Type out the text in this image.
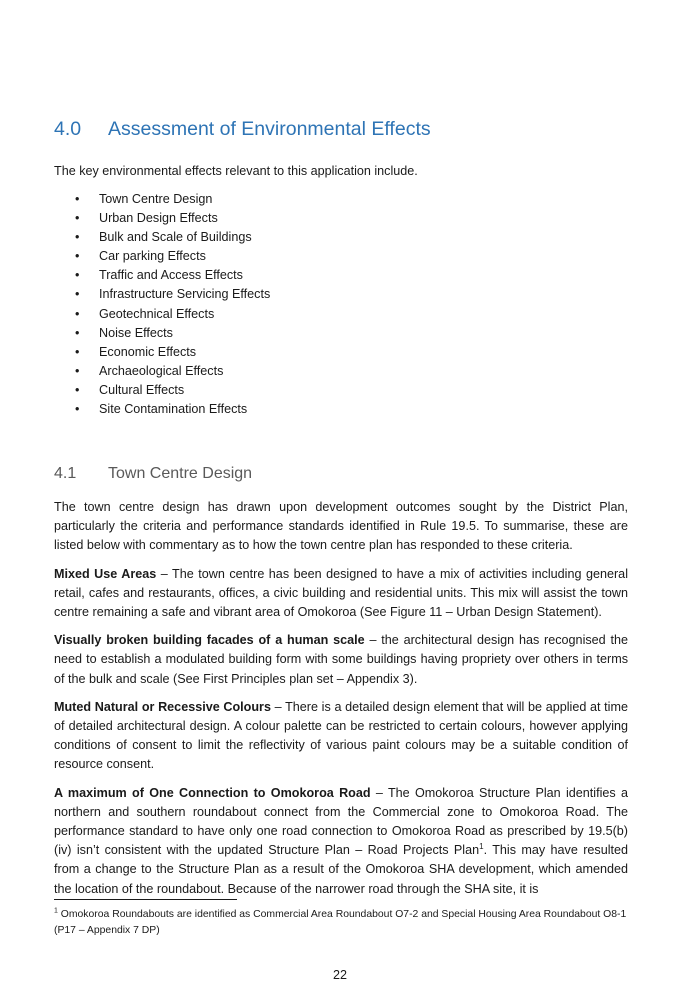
4.0 Assessment of Environmental Effects
The key environmental effects relevant to this application include.
• Town Centre Design
• Urban Design Effects
• Bulk and Scale of Buildings
• Car parking Effects
• Traffic and Access Effects
• Infrastructure Servicing Effects
• Geotechnical Effects
• Noise Effects
• Economic Effects
• Archaeological Effects
• Cultural Effects
• Site Contamination Effects
4.1 Town Centre Design

The town centre design has drawn upon development outcomes sought by the District Plan, particularly the criteria and performance standards identified in Rule 19.5. To summarise, these are listed below with commentary as to how the town centre plan has responded to these criteria.

Mixed Use Areas – The town centre has been designed to have a mix of activities including general retail, cafes and restaurants, offices, a civic building and residential units. This mix will assist the town centre remaining a safe and vibrant area of Omokoroa (See Figure 11 – Urban Design Statement).

Visually broken building facades of a human scale – the architectural design has recognised the need to establish a modulated building form with some buildings having propriety over others in terms of the bulk and scale (See First Principles plan set – Appendix 3).

Muted Natural or Recessive Colours – There is a detailed design element that will be applied at time of detailed architectural design. A colour palette can be restricted to certain colours, however applying conditions of consent to limit the reflectivity of various paint colours may be a suitable condition of resource consent.

A maximum of One Connection to Omokoroa Road – The Omokoroa Structure Plan identifies a northern and southern roundabout connect from the Commercial zone to Omokoroa Road. The performance standard to have only one road connection to Omokoroa Road as prescribed by 19.5(b)(iv) isn’t consistent with the updated Structure Plan – Road Projects Plan$^1$. This may have resulted from a change to the Structure Plan as a result of the Omokoroa SHA development, which amended the location of the roundabout. Because of the narrower road through the SHA site, it is

$^1$ Omokoroa Roundabouts are identified as Commercial Area Roundabout O7-2 and Special Housing Area Roundabout O8-1 (P17 – Appendix 7 DP)
22
